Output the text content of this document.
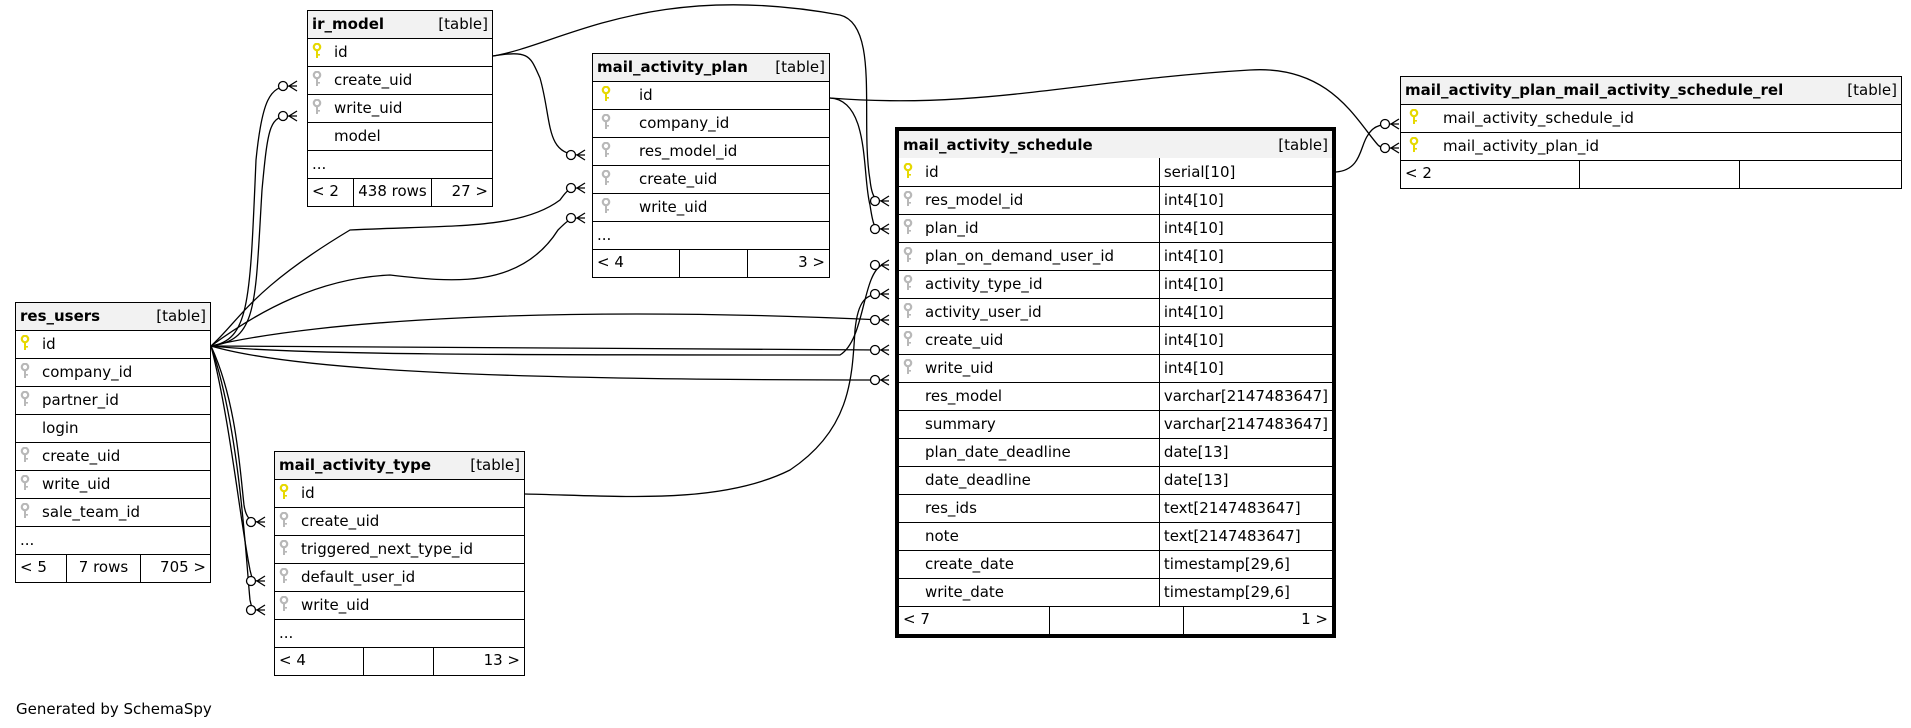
ir_model	[table]
id
create_uid
write_uid
model
...

< 2	438 rows	27 >
mail_activity_plan	[table]
id
company_id
res_model_id
create_uid
write_uid
...

< 4	3 >
mail_activity_plan_mail_activity_schedule_rel	[table]
mail_activity_schedule_id
mail_activity_plan_id

< 2
res_users	[table]
id
company_id
partner_id
login
create_uid
write_uid
sale_team_id
...

< 5	7 rows	705 >
mail_activity_type	[table]
id
create_uid
triggered_next_type_id
default_user_id
write_uid
...

< 4	13 >
mail_activity_schedule	[table]
id	serial[10]
res_model_id	int4[10]
plan_id	int4[10]
plan_on_demand_user_id	int4[10]
activity_type_id	int4[10]
activity_user_id	int4[10]
create_uid	int4[10]
write_uid	int4[10]
res_model	varchar[2147483647]
summary	varchar[2147483647]
plan_date_deadline	date[13]
date_deadline	date[13]
res_ids	text[2147483647]
note	text[2147483647]
create_date	timestamp[29,6]
write_date	timestamp[29,6]

< 7 1 >	
Generated by SchemaSpy
